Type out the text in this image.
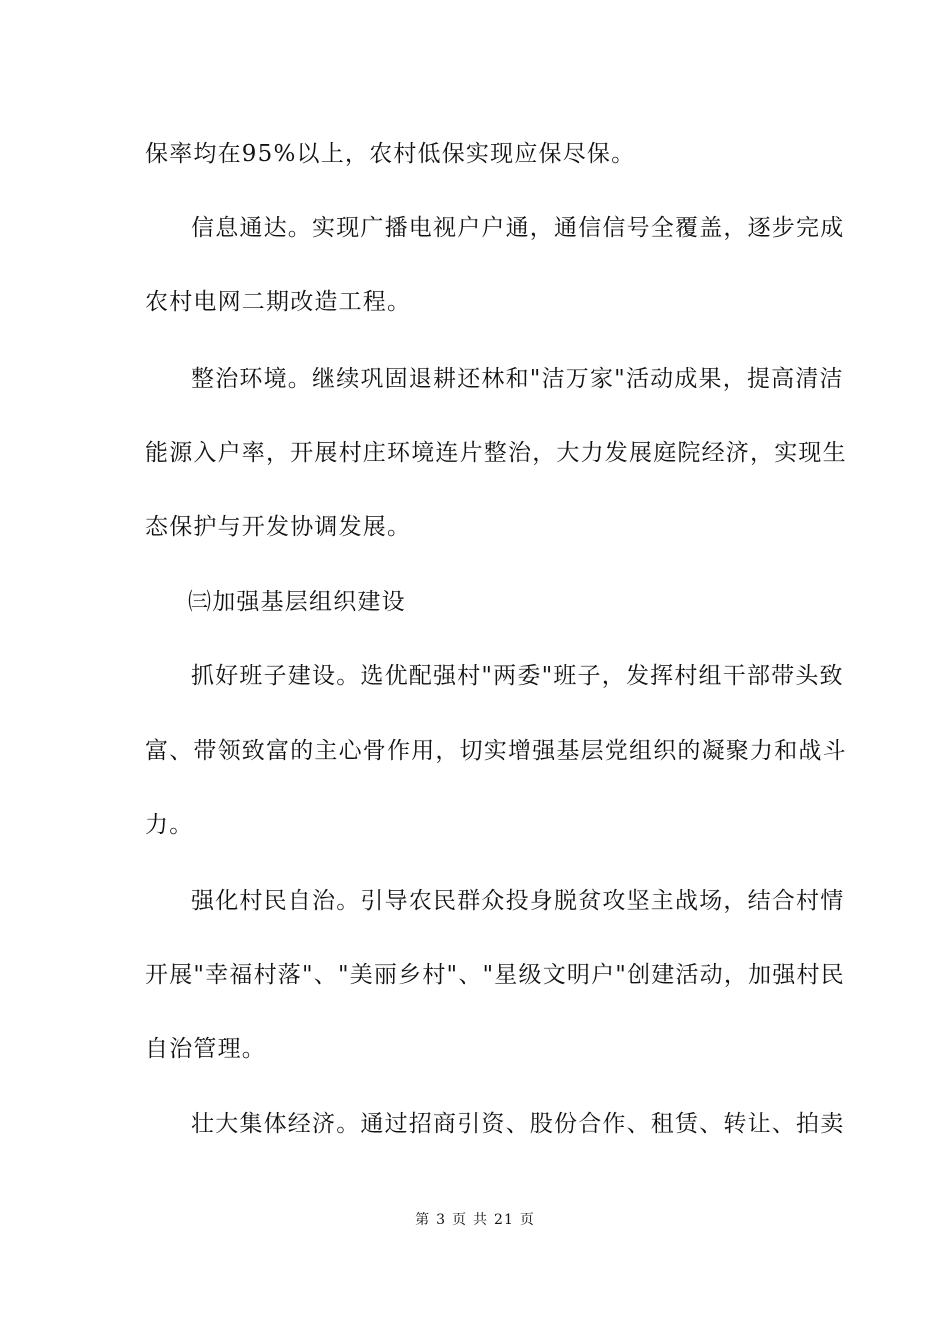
保率均在95%以上，农村低保实现应保尽保。
信息通达。实现广播电视户户通，通信信号全覆盖，逐步完成
农村电网二期改造工程。
整治环境。继续巩固退耕还林和"洁万家"活动成果，提高清洁
能源入户率，开展村庄环境连片整治，大力发展庭院经济，实现生
态保护与开发协调发展。
㈢加强基层组织建设
抓好班子建设。选优配强村"两委"班子，发挥村组干部带头致
富、带领致富的主心骨作用，切实增强基层党组织的凝聚力和战斗
力。
强化村民自治。引导农民群众投身脱贫攻坚主战场，结合村情
开展"幸福村落"、"美丽乡村"、"星级文明户"创建活动，加强村民
自治管理。
壮大集体经济。通过招商引资、股份合作、租赁、转让、拍卖
第 3 页 共 21 页
